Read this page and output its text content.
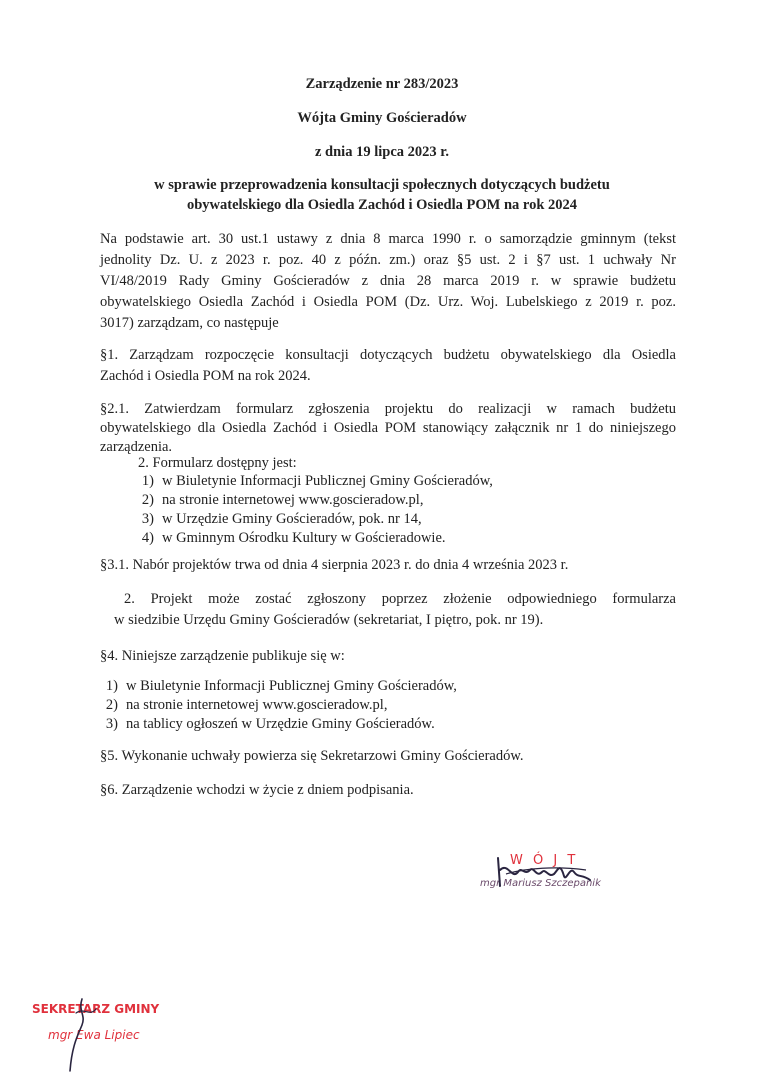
Zarządzenie nr 283/2023
Wójta Gminy Gościeradów
z dnia 19 lipca 2023 r.
w sprawie przeprowadzenia konsultacji społecznych dotyczących budżetu
obywatelskiego dla Osiedla Zachód i Osiedla POM na rok 2024
Na podstawie art. 30 ust.1 ustawy z dnia 8 marca 1990 r. o samorządzie gminnym (tekst
jednolity Dz. U. z 2023 r. poz. 40 z późn. zm.) oraz §5 ust. 2 i §7 ust. 1 uchwały Nr
VI/48/2019 Rady Gminy Gościeradów z dnia 28 marca 2019 r. w sprawie budżetu
obywatelskiego Osiedla Zachód i Osiedla POM (Dz. Urz. Woj. Lubelskiego z 2019 r. poz.
3017) zarządzam, co następuje
§1. Zarządzam rozpoczęcie konsultacji dotyczących budżetu obywatelskiego dla Osiedla
Zachód i Osiedla POM na rok 2024.
§2.1. Zatwierdzam formularz zgłoszenia projektu do realizacji w ramach budżetu
obywatelskiego dla Osiedla Zachód i Osiedla POM stanowiący załącznik nr 1 do niniejszego
zarządzenia.
2. Formularz dostępny jest:
1) w Biuletynie Informacji Publicznej Gminy Gościeradów,
2) na stronie internetowej www.goscieradow.pl,
3) w Urzędzie Gminy Gościeradów, pok. nr 14,
4) w Gminnym Ośrodku Kultury w Gościeradowie.
§3.1. Nabór projektów trwa od dnia 4 sierpnia 2023 r. do dnia 4 września 2023 r.
2. Projekt może zostać zgłoszony poprzez złożenie odpowiedniego formularza
w siedzibie Urzędu Gminy Gościeradów (sekretariat, I piętro, pok. nr 19).
§4. Niniejsze zarządzenie publikuje się w:
1) w Biuletynie Informacji Publicznej Gminy Gościeradów,
2) na stronie internetowej www.goscieradow.pl,
3) na tablicy ogłoszeń w Urzędzie Gminy Gościeradów.
§5. Wykonanie uchwały powierza się Sekretarzowi Gminy Gościeradów.
§6. Zarządzenie wchodzi w życie z dniem podpisania.
W Ó J T
mgr Mariusz Szczepanik
SEKRETARZ GMINY
mgr Ewa Lipiec
